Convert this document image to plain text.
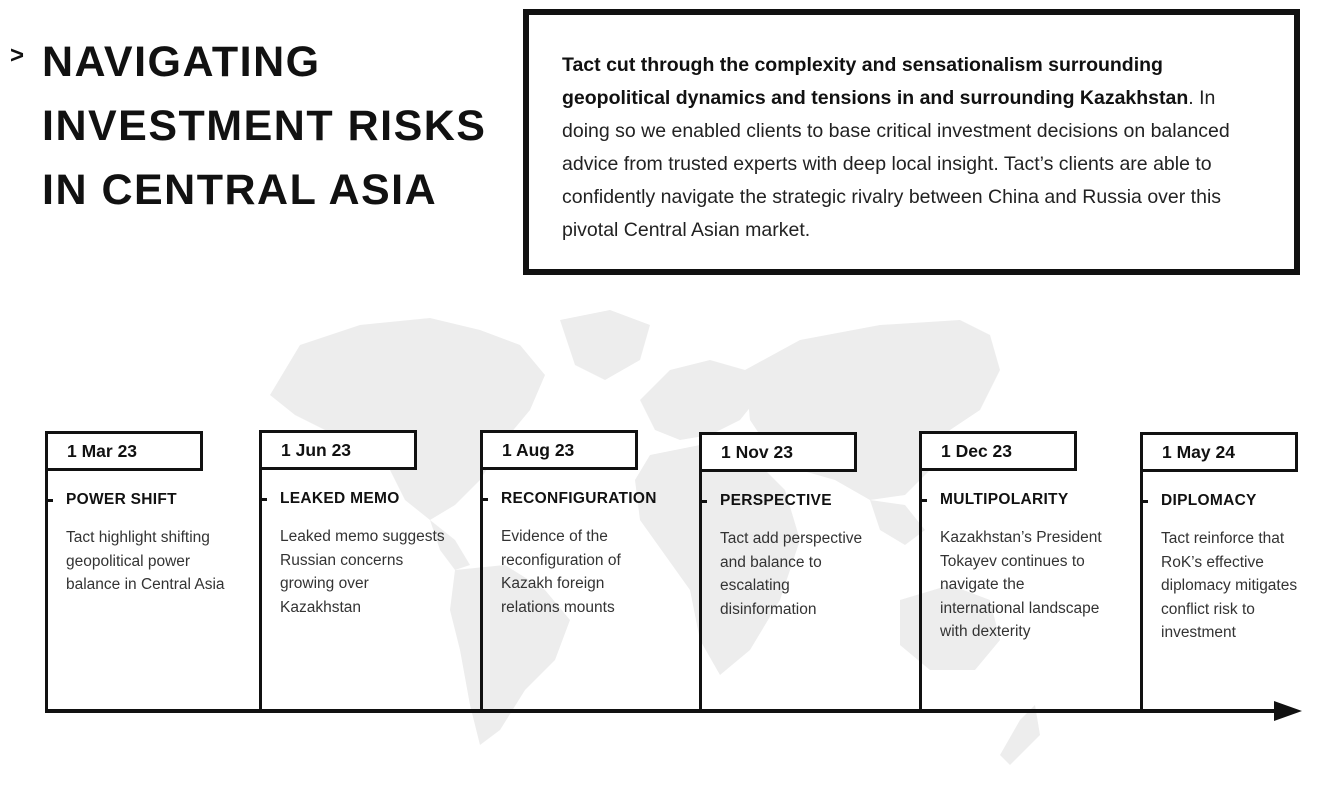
> NAVIGATING
INVESTMENT RISKS
IN CENTRAL ASIA
Tact cut through the complexity and sensationalism surrounding geopolitical dynamics and tensions in and surrounding Kazakhstan. In doing so we enabled clients to base critical investment decisions on balanced advice from trusted experts with deep local insight. Tact’s clients are able to confidently navigate the strategic rivalry between China and Russia over this pivotal Central Asian market.
1 Mar 23
POWER SHIFT
Tact highlight shifting geopolitical power balance in Central Asia
1 Jun 23
LEAKED MEMO
Leaked memo suggests Russian concerns growing over Kazakhstan
1 Aug 23
RECONFIGURATION
Evidence of the reconfiguration of Kazakh foreign relations mounts
1 Nov 23
PERSPECTIVE
Tact add perspective and balance to escalating disinformation
1 Dec 23
MULTIPOLARITY
Kazakhstan’s President Tokayev continues to navigate the international landscape with dexterity
1 May 24
DIPLOMACY
Tact reinforce that RoK’s effective diplomacy mitigates conflict risk to investment
